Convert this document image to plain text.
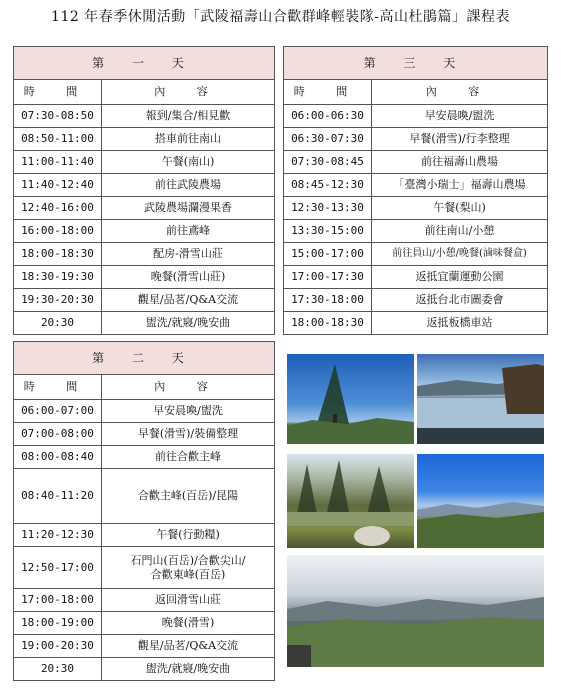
112 年春季休閒活動「武陵福壽山合歡群峰輕裝隊-高山杜鵑篇」課程表
第 一 天	
時 間	內 容
07:30-08:50	報到/集合/相見歡
08:50-11:00	搭車前往南山
11:00-11:40	午餐(南山)
11:40-12:40	前往武陵農場
12:40-16:00	武陵農場瀾漫果香
16:00-18:00	前往鳶峰
18:00-18:30	配房-滑雪山莊
18:30-19:30	晚餐(滑雪山莊)
19:30-20:30	觀星/品茗/Q&A交流
20:30	盥洗/就寢/晚安曲
第 二 天	
時 間	內 容
06:00-07:00	早安晨喚/盥洗
07:00-08:00	早餐(滑雪)/裝備整理
08:00-08:40	前往合歡主峰
08:40-11:20	合歡主峰(百岳)/昆陽
11:20-12:30	午餐(行動糧)
12:50-17:00	石門山(百岳)/合歡尖山/合歡東峰(百岳)
17:00-18:00	返回滑雪山莊
18:00-19:00	晚餐(滑雪)
19:00-20:30	觀星/品茗/Q&A交流
20:30	盥洗/就寢/晚安曲
第 三 天	
時 間	內 容
06:00-06:30	早安晨喚/盥洗
06:30-07:30	早餐(滑雪)/行李整理
07:30-08:45	前往福壽山農場
08:45-12:30	「臺灣小瑞士」福壽山農場
12:30-13:30	午餐(梨山)
13:30-15:00	前往南山/小憩
15:00-17:00	前往員山/小憩/晚餐(滷味餐盒)
17:00-17:30	返抵宜蘭運動公園
17:30-18:00	返抵台北市圖委會
18:00-18:30	返抵板橋車站
